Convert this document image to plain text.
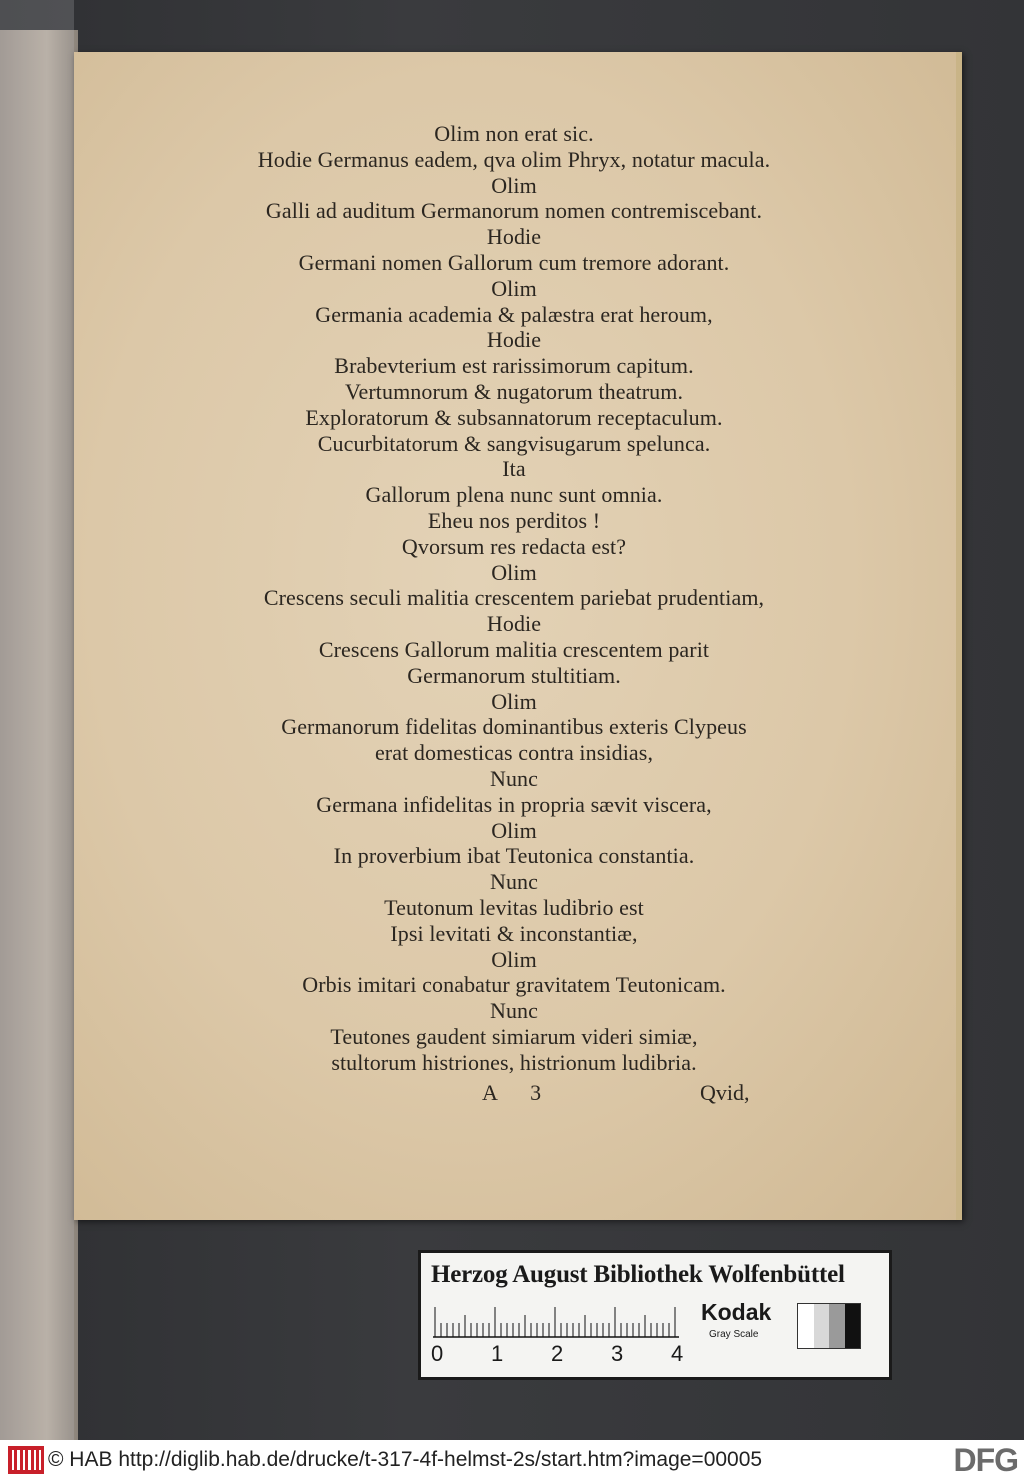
Olim non erat sic.
Hodie Germanus eadem, qva olim Phryx, notatur macula.
Olim
Galli ad auditum Germanorum nomen contremiscebant.
Hodie
Germani nomen Gallorum cum tremore adorant.
Olim
Germania academia & palæstra erat heroum,
Hodie
Brabevterium est rarissimorum capitum.
Vertumnorum & nugatorum theatrum.
Exploratorum & subsannatorum receptaculum.
Cucurbitatorum & sangvisugarum spelunca.
Ita
Gallorum plena nunc sunt omnia.
Eheu nos perditos !
Qvorsum res redacta est?
Olim
Crescens seculi malitia crescentem pariebat prudentiam,
Hodie
Crescens Gallorum malitia crescentem parit
Germanorum stultitiam.
Olim
Germanorum fidelitas dominantibus exteris Clypeus
erat domesticas contra insidias,
Nunc
Germana infidelitas in propria sævit viscera,
Olim
In proverbium ibat Teutonica constantia.
Nunc
Teutonum levitas ludibrio est
Ipsi levitati & inconstantiæ,
Olim
Orbis imitari conabatur gravitatem Teutonicam.
Nunc
Teutones gaudent simiarum videri simiæ,
stultorum histriones, histrionum ludibria.
A 3	Qvid,
Herzog August Bibliothek Wolfenbüttel
0 1 2 3 4
Kodak
Gray Scale
© HAB http://diglib.hab.de/drucke/t-317-4f-helmst-2s/start.htm?image=00005	DFG
